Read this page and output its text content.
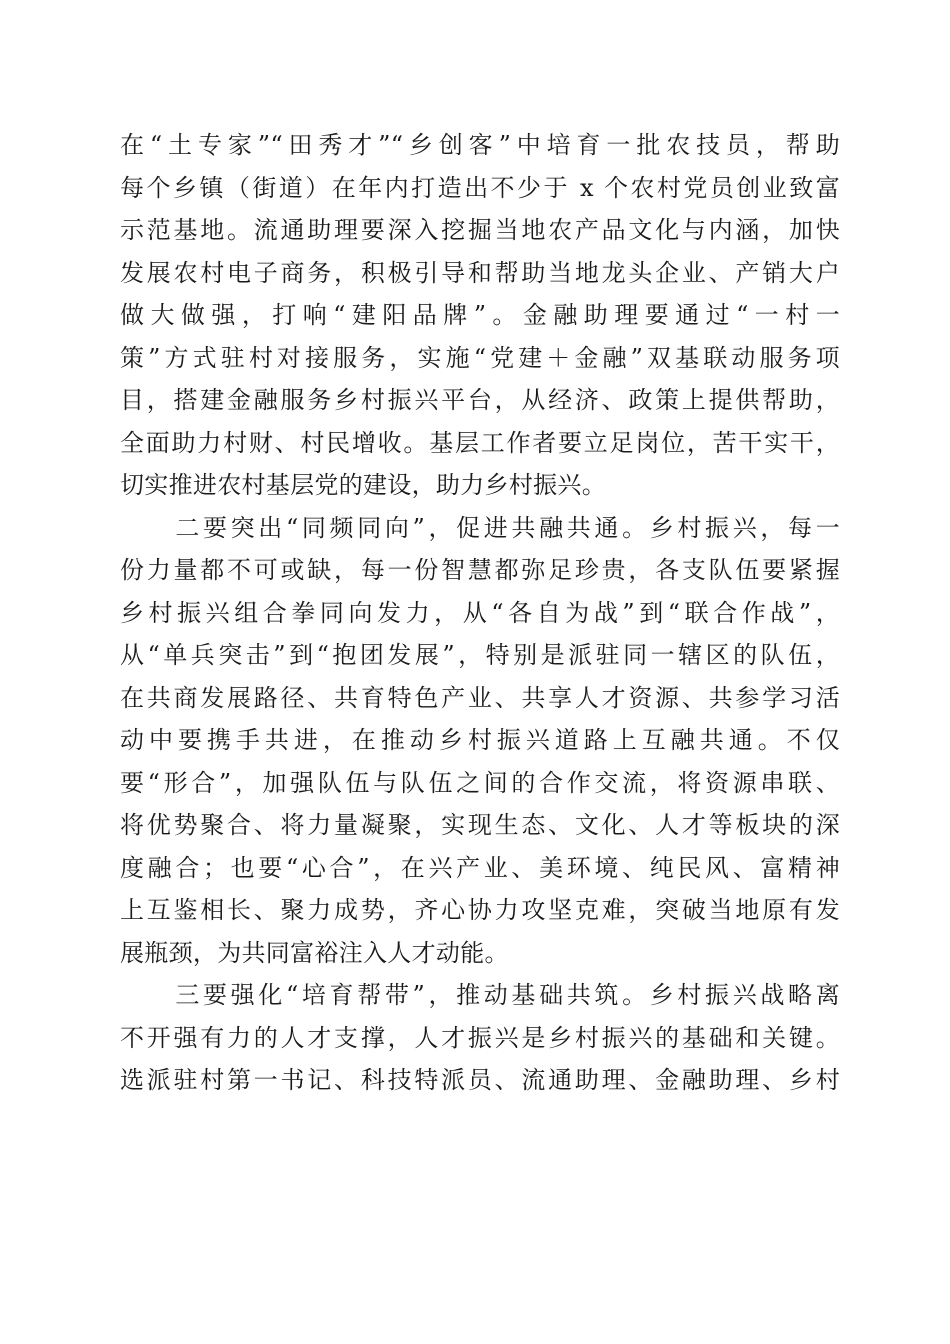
在“土专家”“田秀才”“乡创客”中培育一批农技员，帮助
每个乡镇（街道）在年内打造出不少于 x 个农村党员创业致富
示范基地。流通助理要深入挖掘当地农产品文化与内涵，加快
发展农村电子商务，积极引导和帮助当地龙头企业、产销大户
做大做强，打响“建阳品牌”。金融助理要通过“一村一
策”方式驻村对接服务，实施“党建＋金融”双基联动服务项
目，搭建金融服务乡村振兴平台，从经济、政策上提供帮助，
全面助力村财、村民增收。基层工作者要立足岗位，苦干实干，
切实推进农村基层党的建设，助力乡村振兴。
　　二要突出“同频同向”，促进共融共通。乡村振兴，每一
份力量都不可或缺，每一份智慧都弥足珍贵，各支队伍要紧握
乡村振兴组合拳同向发力，从“各自为战”到“联合作战”，
从“单兵突击”到“抱团发展”，特别是派驻同一辖区的队伍，
在共商发展路径、共育特色产业、共享人才资源、共参学习活
动中要携手共进，在推动乡村振兴道路上互融共通。不仅
要“形合”，加强队伍与队伍之间的合作交流，将资源串联、
将优势聚合、将力量凝聚，实现生态、文化、人才等板块的深
度融合；也要“心合”，在兴产业、美环境、纯民风、富精神
上互鉴相长、聚力成势，齐心协力攻坚克难，突破当地原有发
展瓶颈，为共同富裕注入人才动能。
　　三要强化“培育帮带”，推动基础共筑。乡村振兴战略离
不开强有力的人才支撑，人才振兴是乡村振兴的基础和关键。
选派驻村第一书记、科技特派员、流通助理、金融助理、乡村
